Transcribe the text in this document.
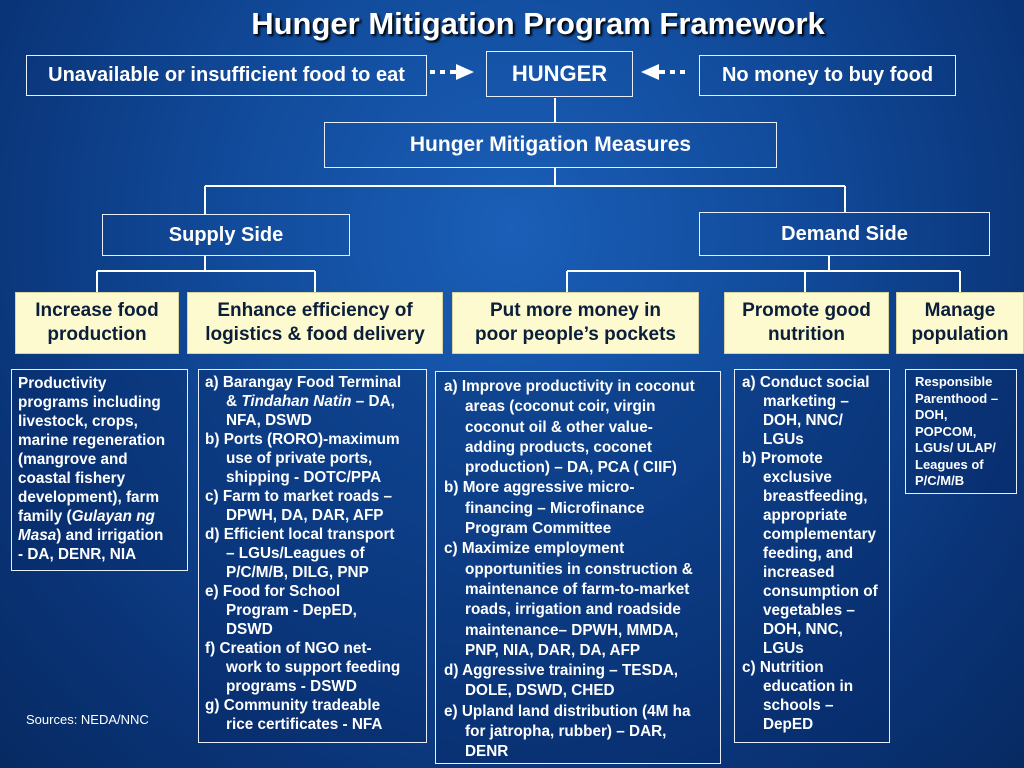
Hunger Mitigation Program Framework
Unavailable or insufficient food to eat	HUNGER	No money to buy food
Hunger Mitigation Measures
Supply Side	Demand Side
Increase food
production
Enhance efficiency of
logistics & food delivery
Put more money in
poor people’s pockets
Promote good
nutrition
Manage
population
Productivity
programs including
livestock, crops,
marine regeneration
(mangrove and
coastal fishery
development), farm
family (Gulayan ng
Masa) and irrigation
- DA, DENR, NIA
a) Barangay Food Terminal
& Tindahan Natin – DA,
NFA, DSWD
b) Ports (RORO)-maximum
use of private ports,
shipping - DOTC/PPA
c) Farm to market roads –
DPWH, DA, DAR, AFP
d) Efficient local transport
– LGUs/Leagues of
P/C/M/B, DILG, PNP
e) Food for School
Program - DepED,
DSWD
f) Creation of NGO net-
work to support feeding
programs - DSWD
g) Community tradeable
rice certificates - NFA
a) Improve productivity in coconut
areas (coconut coir, virgin
coconut oil & other value-
adding products, coconet
production) – DA, PCA ( CIIF)
b) More aggressive micro-
financing – Microfinance
Program Committee
c) Maximize employment
opportunities in construction &
maintenance of farm-to-market
roads, irrigation and roadside
maintenance– DPWH, MMDA,
PNP, NIA, DAR, DA, AFP
d) Aggressive training – TESDA,
DOLE, DSWD, CHED
e) Upland land distribution (4M ha
for jatropha, rubber) – DAR,
DENR
a) Conduct social
marketing –
DOH, NNC/
LGUs
b) Promote
exclusive
breastfeeding,
appropriate
complementary
feeding, and
increased
consumption of
vegetables –
DOH, NNC,
LGUs
c) Nutrition
education in
schools –
DepED
Responsible
Parenthood –
DOH,
POPCOM,
LGUs/ ULAP/
Leagues of
P/C/M/B
Sources: NEDA/NNC
